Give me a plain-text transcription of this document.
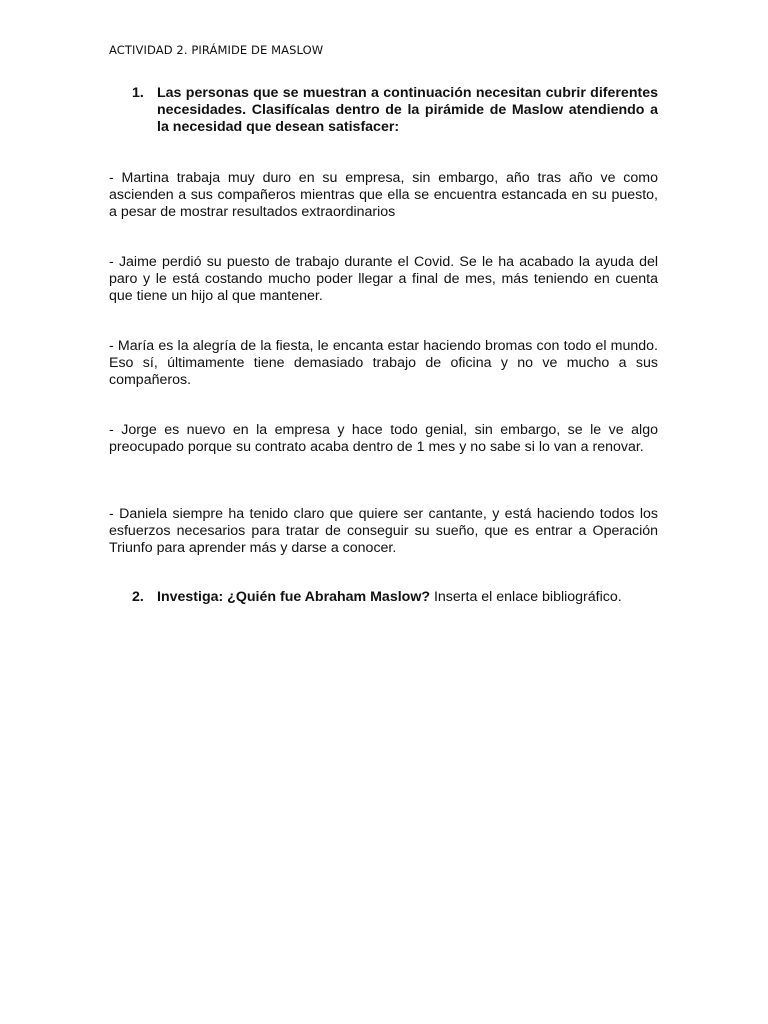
ACTIVIDAD 2. PIRÁMIDE DE MASLOW
1. Las personas que se muestran a continuación necesitan cubrir diferentes necesidades. Clasifícalas dentro de la pirámide de Maslow atendiendo a la necesidad que desean satisfacer:
- Martina trabaja muy duro en su empresa, sin embargo, año tras año ve como ascienden a sus compañeros mientras que ella se encuentra estancada en su puesto, a pesar de mostrar resultados extraordinarios
- Jaime perdió su puesto de trabajo durante el Covid. Se le ha acabado la ayuda del paro y le está costando mucho poder llegar a final de mes, más teniendo en cuenta que tiene un hijo al que mantener.
- María es la alegría de la fiesta, le encanta estar haciendo bromas con todo el mundo. Eso sí, últimamente tiene demasiado trabajo de oficina y no ve mucho a sus compañeros.
- Jorge es nuevo en la empresa y hace todo genial, sin embargo, se le ve algo preocupado porque su contrato acaba dentro de 1 mes y no sabe si lo van a renovar.
- Daniela siempre ha tenido claro que quiere ser cantante, y está haciendo todos los esfuerzos necesarios para tratar de conseguir su sueño, que es entrar a Operación Triunfo para aprender más y darse a conocer.
2. Investiga: ¿Quién fue Abraham Maslow? Inserta el enlace bibliográfico.
